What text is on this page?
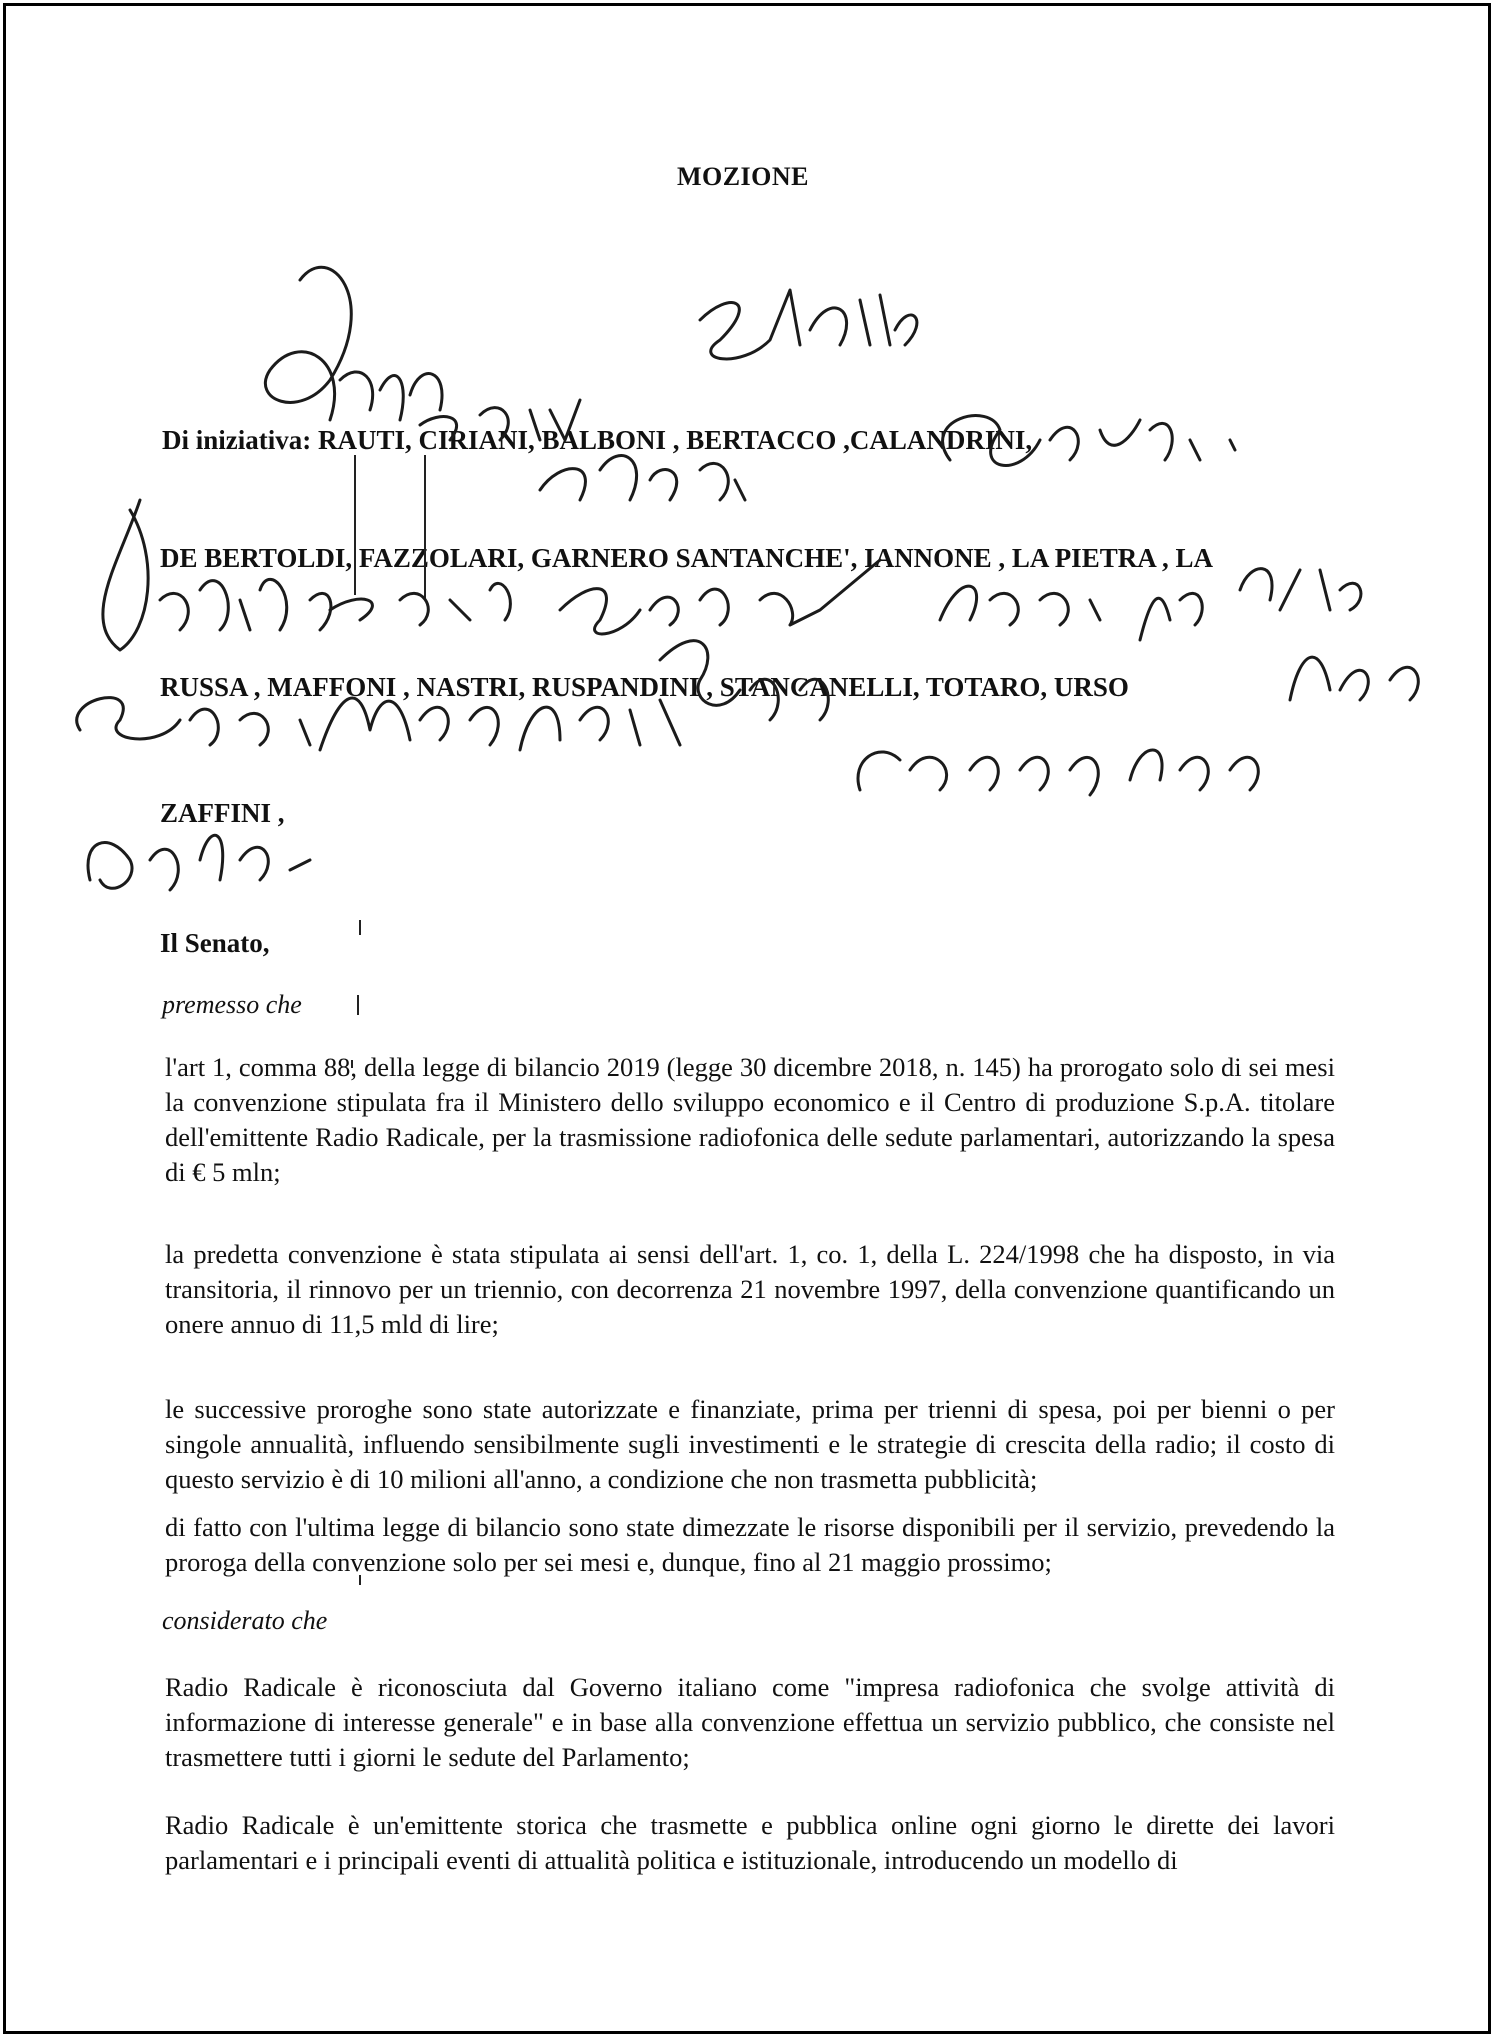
MOZIONE
Di iniziativa: RAUTI, CIRIANI, BALBONI , BERTACCO ,CALANDRINI,
DE BERTOLDI, FAZZOLARI, GARNERO SANTANCHE', IANNONE , LA PIETRA , LA
RUSSA , MAFFONI , NASTRI, RUSPANDINI , STANCANELLI, TOTARO, URSO
ZAFFINI ,
Il Senato,
premesso che
l'art 1, comma 88, della legge di bilancio 2019 (legge 30 dicembre 2018, n. 145) ha prorogato solo di sei mesi la convenzione stipulata fra il Ministero dello sviluppo economico e il Centro di produzione S.p.A. titolare dell'emittente Radio Radicale, per la trasmissione radiofonica delle sedute parlamentari, autorizzando la spesa di € 5 mln;
la predetta convenzione è stata stipulata ai sensi dell'art. 1, co. 1, della L. 224/1998 che ha disposto, in via transitoria, il rinnovo per un triennio, con decorrenza 21 novembre 1997, della convenzione quantificando un onere annuo di 11,5 mld di lire;
le successive proroghe sono state autorizzate e finanziate, prima per trienni di spesa, poi per bienni o per singole annualità, influendo sensibilmente sugli investimenti e le strategie di crescita della radio; il costo di questo servizio è di 10 milioni all'anno, a condizione che non trasmetta pubblicità;
di fatto con l'ultima legge di bilancio sono state dimezzate le risorse disponibili per il servizio, prevedendo la proroga della convenzione solo per sei mesi e, dunque, fino al 21 maggio prossimo;
considerato che
Radio Radicale è riconosciuta dal Governo italiano come "impresa radiofonica che svolge attività di informazione di interesse generale" e in base alla convenzione effettua un servizio pubblico, che consiste nel trasmettere tutti i giorni le sedute del Parlamento;
Radio Radicale è un'emittente storica che trasmette e pubblica online ogni giorno le dirette dei lavori parlamentari e i principali eventi di attualità politica e istituzionale, introducendo un modello di
